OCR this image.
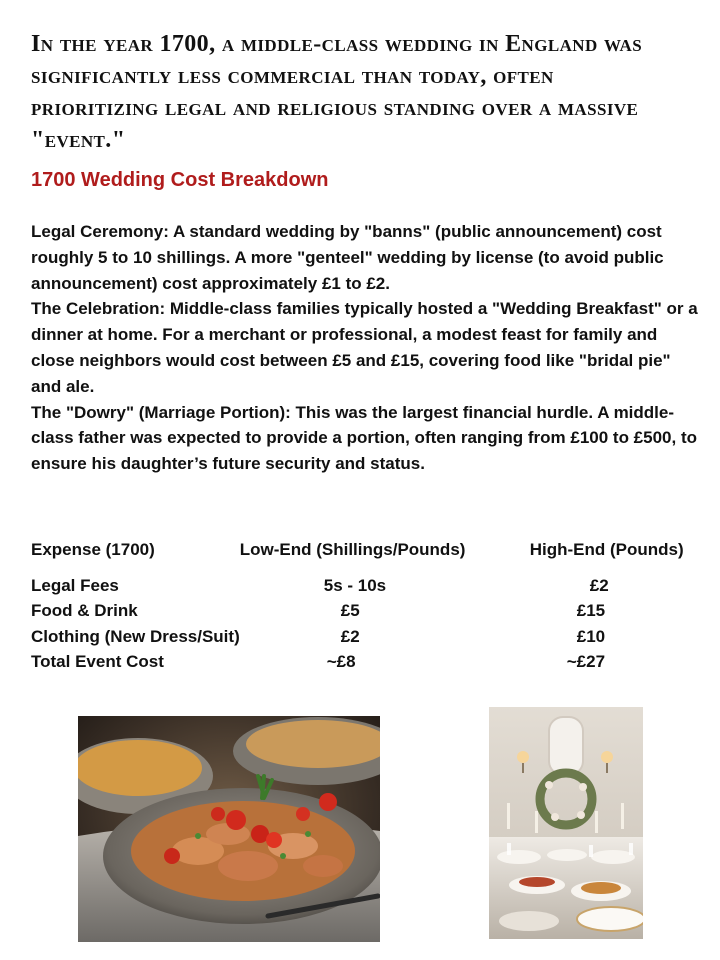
In the year 1700, a middle-class wedding in England was significantly less commercial than today, often prioritizing legal and religious standing over a massive "event."
1700 Wedding Cost Breakdown

Legal Ceremony: A standard wedding by "banns" (public announcement) cost roughly 5 to 10 shillings. A more "genteel" wedding by license (to avoid public announcement) cost approximately £1 to £2.

The Celebration: Middle-class families typically hosted a "Wedding Breakfast" or a dinner at home. For a merchant or professional, a modest feast for family and close neighbors would cost between £5 and £15, covering food like "bridal pie" and ale.

The "Dowry" (Marriage Portion): This was the largest financial hurdle. A middle-class father was expected to provide a portion, often ranging from £100 to £500, to ensure his daughter’s future security and status.

Expense (1700)	Low-End (Shillings/Pounds)	High-End (Pounds)

Legal Fees	5s - 10s	£2
Food & Drink	£5	£15
Clothing (New Dress/Suit)	£2	£10
Total Event Cost	~£8	~£27
